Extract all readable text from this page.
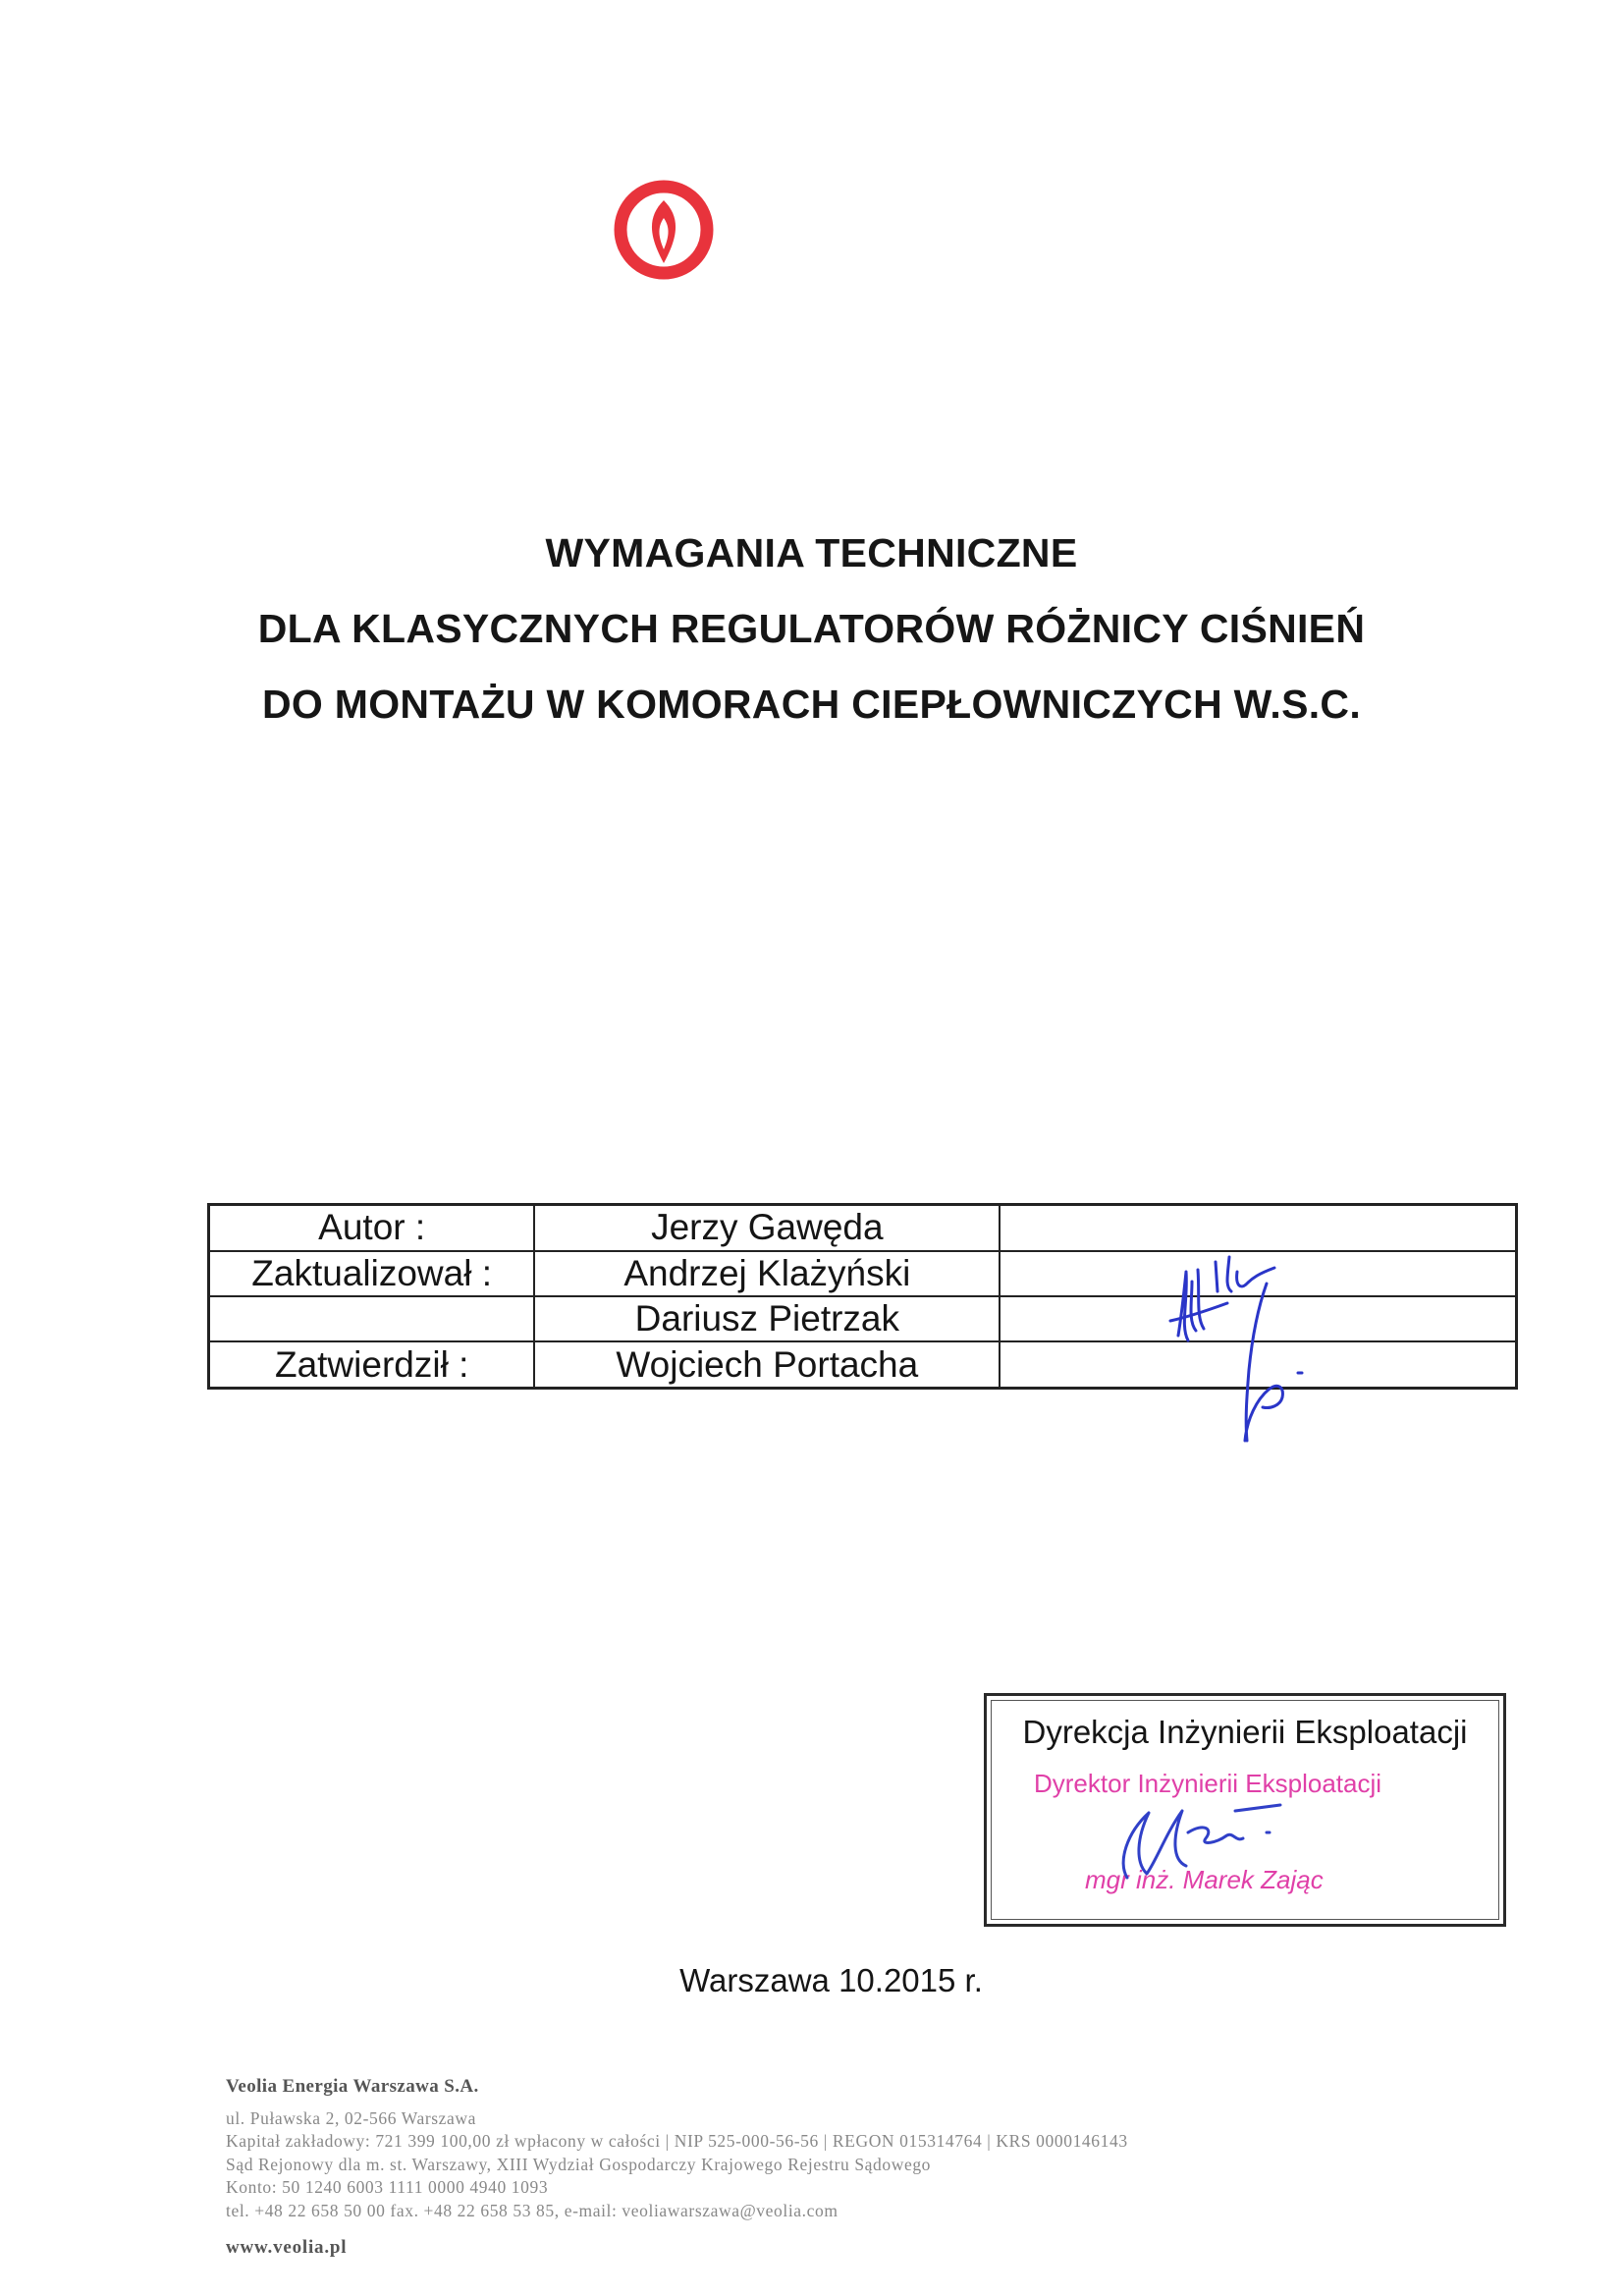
WYMAGANIA TECHNICZNE
DLA KLASYCZNYCH REGULATORÓW RÓŻNICY CIŚNIEŃ
DO MONTAŻU W KOMORACH CIEPŁOWNICZYCH W.S.C.
Autor :	Jerzy Gawęda	
Zaktualizował :	Andrzej Klażyński	
	Dariusz Pietrzak	
Zatwierdził :	Wojciech Portacha	
Dyrekcja Inżynierii Eksploatacji
Dyrektor Inżynierii Eksploatacji
mgr inż. Marek Zając
Warszawa 10.2015 r.
Veolia Energia Warszawa S.A.
ul. Puławska 2, 02-566 Warszawa
Kapitał zakładowy: 721 399 100,00 zł wpłacony w całości | NIP 525-000-56-56 | REGON 015314764 | KRS 0000146143
Sąd Rejonowy dla m. st. Warszawy, XIII Wydział Gospodarczy Krajowego Rejestru Sądowego
Konto: 50 1240 6003 1111 0000 4940 1093
tel. +48 22 658 50 00 fax. +48 22 658 53 85, e-mail: veoliawarszawa@veolia.com
www.veolia.pl
